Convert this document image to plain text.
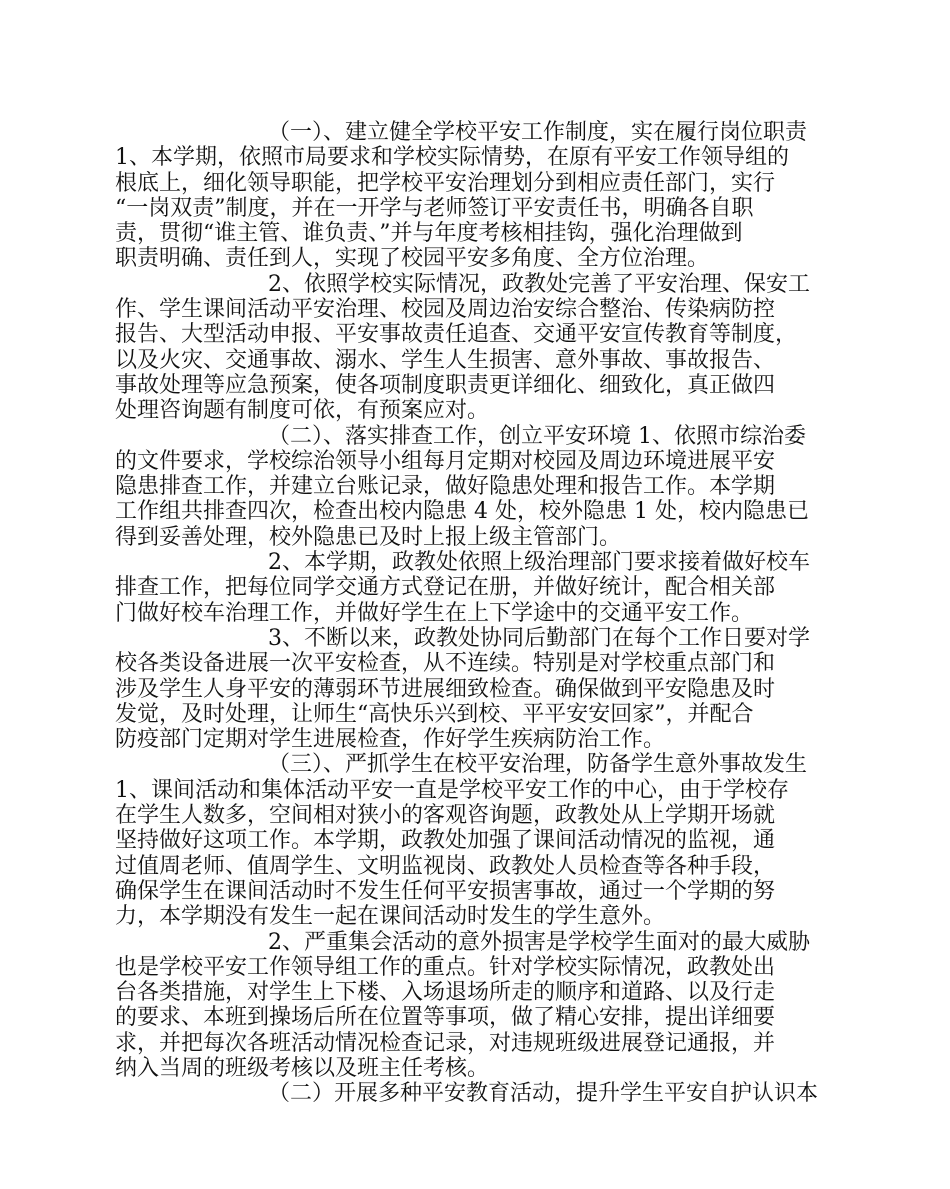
（一）、建立健全学校平安工作制度，实在履行岗位职责
1、本学期，依照市局要求和学校实际情势，在原有平安工作领导组的
根底上，细化领导职能，把学校平安治理划分到相应责任部门，实行
“一岗双责”制度，并在一开学与老师签订平安责任书，明确各自职
责，贯彻“谁主管、谁负责、”并与年度考核相挂钩，强化治理做到
职责明确、责任到人，实现了校园平安多角度、全方位治理。
2、依照学校实际情况，政教处完善了平安治理、保安工
作、学生课间活动平安治理、校园及周边治安综合整治、传染病防控
报告、大型活动申报、平安事故责任追查、交通平安宣传教育等制度，
以及火灾、交通事故、溺水、学生人生损害、意外事故、事故报告、
事故处理等应急预案，使各项制度职责更详细化、细致化，真正做四
处理咨询题有制度可依，有预案应对。
（二）、落实排查工作，创立平安环境 1、依照市综治委
的文件要求，学校综治领导小组每月定期对校园及周边环境进展平安
隐患排查工作，并建立台账记录，做好隐患处理和报告工作。本学期
工作组共排查四次，检查出校内隐患 4 处，校外隐患 1 处，校内隐患已
得到妥善处理，校外隐患已及时上报上级主管部门。
2、本学期，政教处依照上级治理部门要求接着做好校车
排查工作，把每位同学交通方式登记在册，并做好统计，配合相关部
门做好校车治理工作，并做好学生在上下学途中的交通平安工作。
3、不断以来，政教处协同后勤部门在每个工作日要对学
校各类设备进展一次平安检查，从不连续。特别是对学校重点部门和
涉及学生人身平安的薄弱环节进展细致检查。确保做到平安隐患及时
发觉，及时处理，让师生“高快乐兴到校、平平安安回家”，并配合
防疫部门定期对学生进展检查，作好学生疾病防治工作。
（三）、严抓学生在校平安治理，防备学生意外事故发生
1、课间活动和集体活动平安一直是学校平安工作的中心，由于学校存
在学生人数多，空间相对狭小的客观咨询题，政教处从上学期开场就
坚持做好这项工作。本学期，政教处加强了课间活动情况的监视，通
过值周老师、值周学生、文明监视岗、政教处人员检查等各种手段，
确保学生在课间活动时不发生任何平安损害事故，通过一个学期的努
力，本学期没有发生一起在课间活动时发生的学生意外。
2、严重集会活动的意外损害是学校学生面对的最大威胁
也是学校平安工作领导组工作的重点。针对学校实际情况，政教处出
台各类措施，对学生上下楼、入场退场所走的顺序和道路、以及行走
的要求、本班到操场后所在位置等事项，做了精心安排，提出详细要
求，并把每次各班活动情况检查记录，对违规班级进展登记通报，并
纳入当周的班级考核以及班主任考核。
（二）开展多种平安教育活动，提升学生平安自护认识本
